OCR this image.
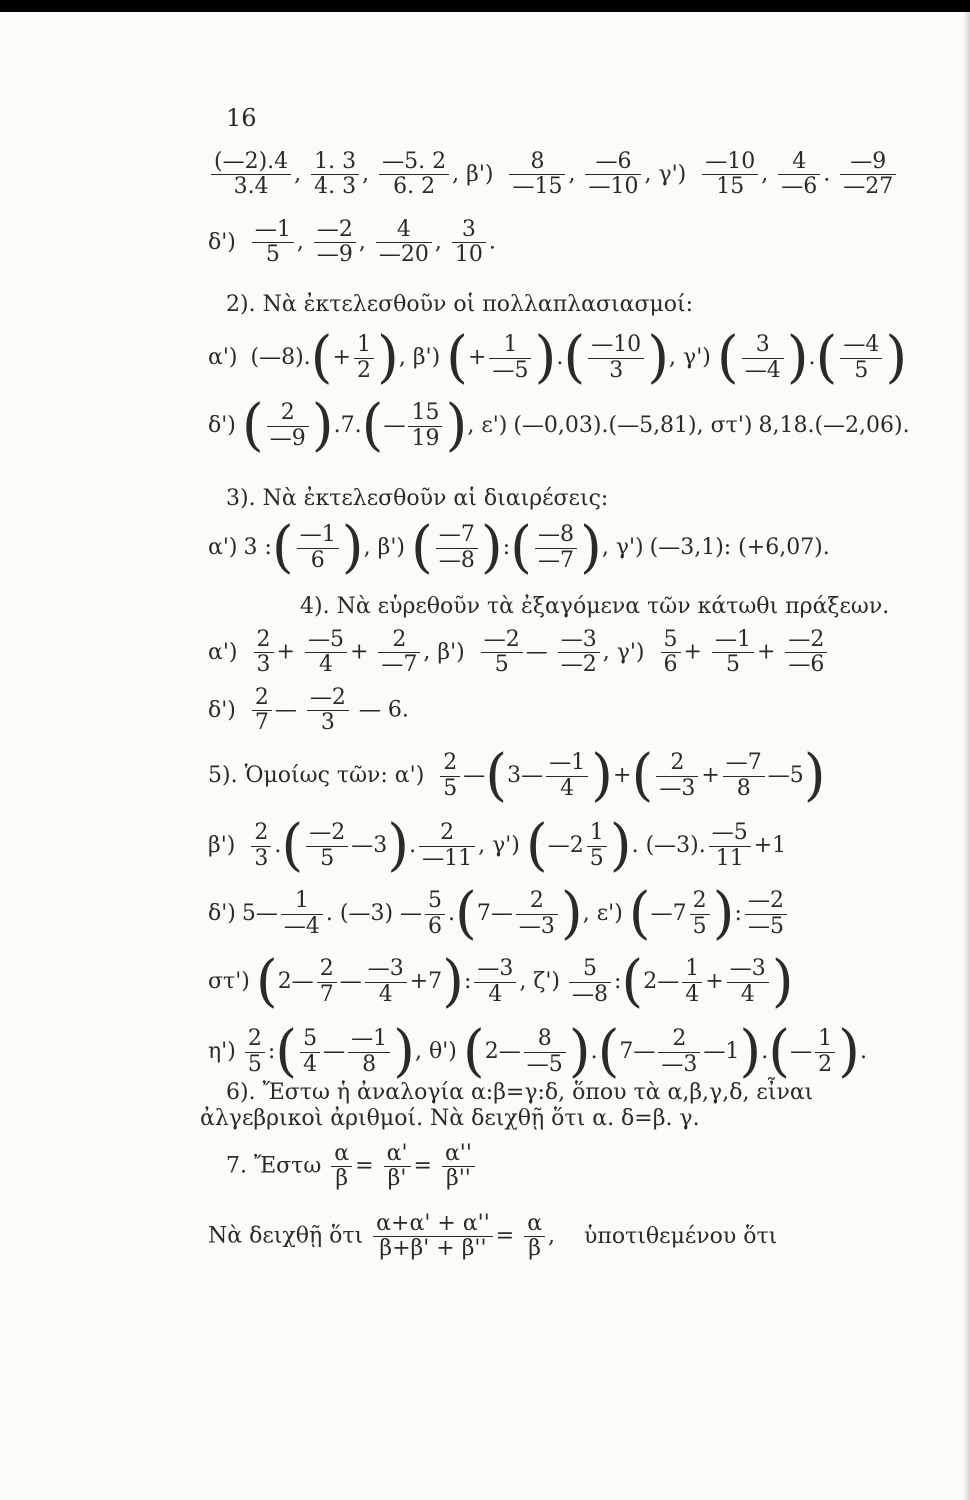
16
$\frac{(—2).4}{3.4}$ , $\frac{1. 3}{4. 3}$ , $\frac{—5. 2}{6. 2}$ , $\beta') \frac{8}{—15}$ , $\frac{—6}{—10}$ , $\gamma') \frac{—10}{15}$ , $\frac{4}{—6}$ . $\frac{—9}{—27}$
$\delta') \frac{—1}{5}$ , $\frac{—2}{—9}$ , $\frac{4}{—20}$ , $\frac{3}{10}$ .
2). Νὰ ἐκτελεσθοῦν οἱ πολλαπλασιασμοί:
α') (—8).(+ $\frac{1}{2}$ ), β') (+ $\frac{1}{—5}$ ).( $\frac{—10}{3}$ ), γ') ( $\frac{3}{—4}$ ).( $\frac{—4}{5}$ )
δ') ( $\frac{2}{—9}$ ).7.(— $\frac{15}{19}$ ), ε') (—0,03).(—5,81), στ') 8,18.(—2,06).
3). Νὰ ἐκτελεσθοῦν αἱ διαιρέσεις:
α') 3 :( $\frac{—1}{6}$ ), β') ( $\frac{—7}{—8}$ ):( $\frac{—8}{—7}$ ), γ') (—3,1): (+6,07).
4). Νὰ εὑρεθοῦν τὰ ἐξαγόμενα τῶν κάτωθι πράξεων.
$\alpha') \frac{2}{3} + \frac{—5}{4} + \frac{2}{—7}$ , $\beta') \frac{—2}{5}$ — $\frac{—3}{—2}$ , $\gamma') \frac{5}{6} + \frac{—1}{5} + \frac{—2}{—6}$
$\delta') \frac{2}{7}$ — $\frac{—2}{3}$ — 6.
5). Ὁμοίως τῶν: $\alpha') \frac{2}{5}$ —(3— $\frac{—1}{4}$ )+( $\frac{2}{—3} + \frac{—7}{8}$ —5)
$\beta') \frac{2}{3}$ .( $\frac{—2}{5}$ —3). $\frac{2}{—11}$ , γ') (—2 $\frac{1}{5}$ ). (—3). $\frac{—5}{11} +1$
δ') 5— $\frac{1}{—4}$ . (—3) — $\frac{5}{6}$ .(7— $\frac{2}{—3}$ ), ε') (—7 $\frac{2}{5}$ ): $\frac{—2}{—5}$
στ') (2— $\frac{2}{7}$ — $\frac{—3}{4} +7$): $\frac{—3}{4}$ , $\zeta') \frac{5}{—8}$ :(2— $\frac{1}{4} + \frac{—3}{4}$ )
$\eta') \frac{2}{5}$ :( $\frac{5}{4}$ — $\frac{—1}{8}$ ), θ') (2— $\frac{8}{—5}$ ).(7— $\frac{2}{—3}$ —1).(— $\frac{1}{2}$ ).
6). Ἔστω ἡ ἀναλογία α:β=γ:δ, ὅπου τὰ α,β,γ,δ, εἶναι
ἀλγεβρικοὶ ἀριθμοί. Νὰ δειχθῇ ὅτι α. δ=β. γ.
7. Ἔστω $\frac{\alpha}{\beta} = \frac{\alpha'}{\beta'} = \frac{\alpha''}{\beta''}$
Νὰ δειχθῇ ὅτι $\frac{\alpha+\alpha' + \alpha''}{\beta+\beta' + \beta''} = \frac{\alpha}{\beta}$ , ὑποτιθεμένου ὅτι
